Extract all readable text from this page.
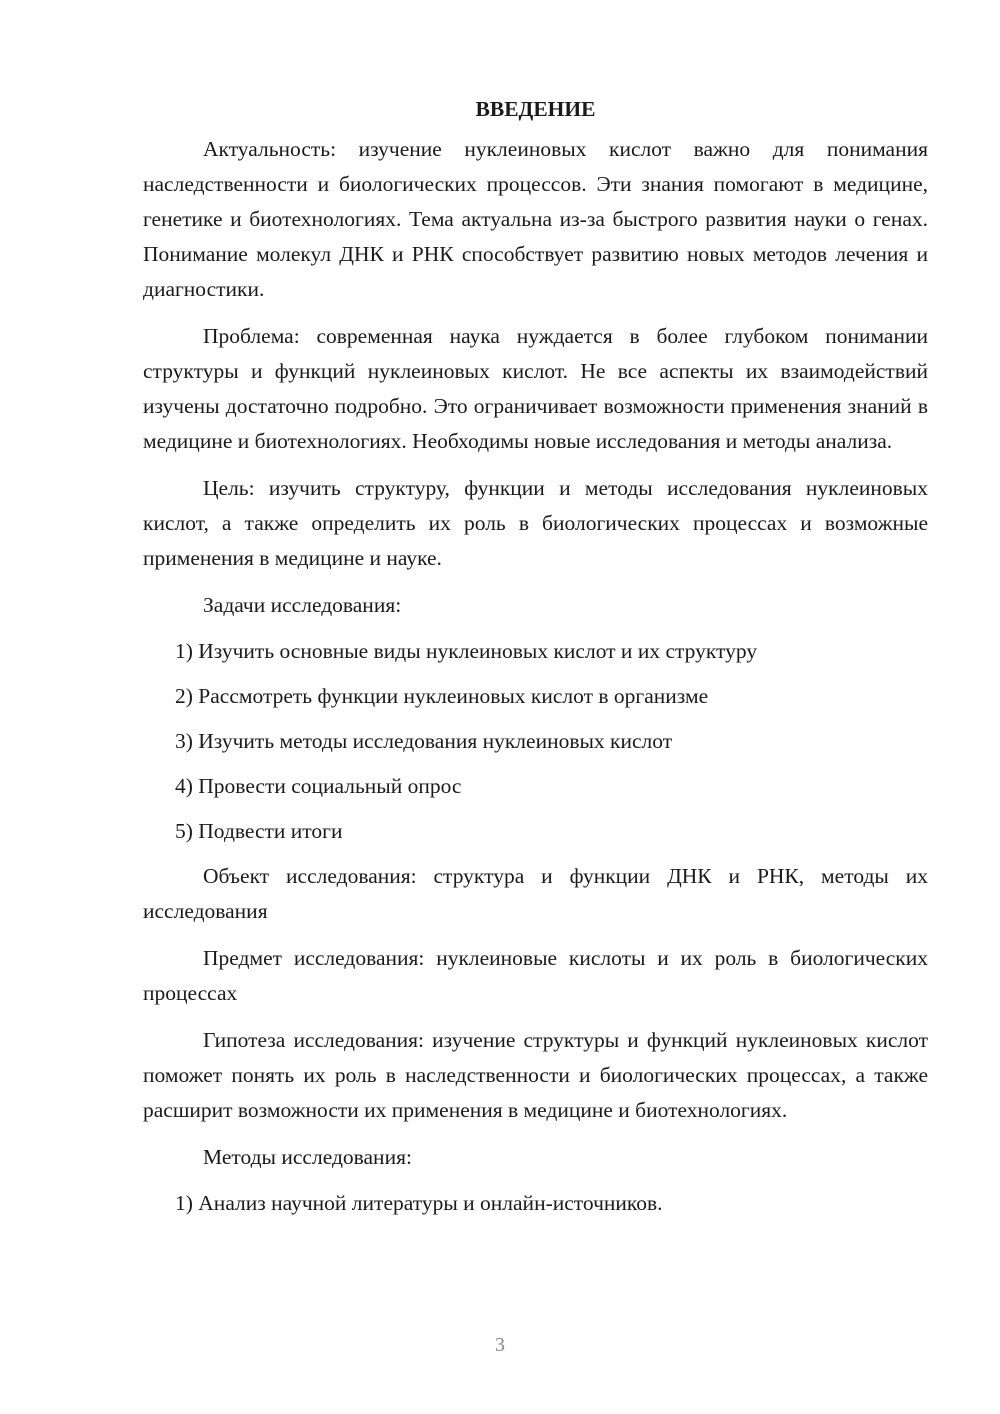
ВВЕДЕНИЕ

Актуальность: изучение нуклеиновых кислот важно для понимания наследственности и биологических процессов. Эти знания помогают в медицине, генетике и биотехнологиях. Тема актуальна из-за быстрого развития науки о генах. Понимание молекул ДНК и РНК способствует развитию новых методов лечения и диагностики.

Проблема: современная наука нуждается в более глубоком понимании структуры и функций нуклеиновых кислот. Не все аспекты их взаимодействий изучены достаточно подробно. Это ограничивает возможности применения знаний в медицине и биотехнологиях. Необходимы новые исследования и методы анализа.

Цель: изучить структуру, функции и методы исследования нуклеиновых кислот, а также определить их роль в биологических процессах и возможные применения в медицине и науке.

Задачи исследования:

1) Изучить основные виды нуклеиновых кислот и их структуру
2) Рассмотреть функции нуклеиновых кислот в организме
3) Изучить методы исследования нуклеиновых кислот
4) Провести социальный опрос
5) Подвести итоги

Объект исследования: структура и функции ДНК и РНК, методы их исследования

Предмет исследования: нуклеиновые кислоты и их роль в биологических процессах

Гипотеза исследования: изучение структуры и функций нуклеиновых кислот поможет понять их роль в наследственности и биологических процессах, а также расширит возможности их применения в медицине и биотехнологиях.

Методы исследования:

1) Анализ научной литературы и онлайн-источников.
3
